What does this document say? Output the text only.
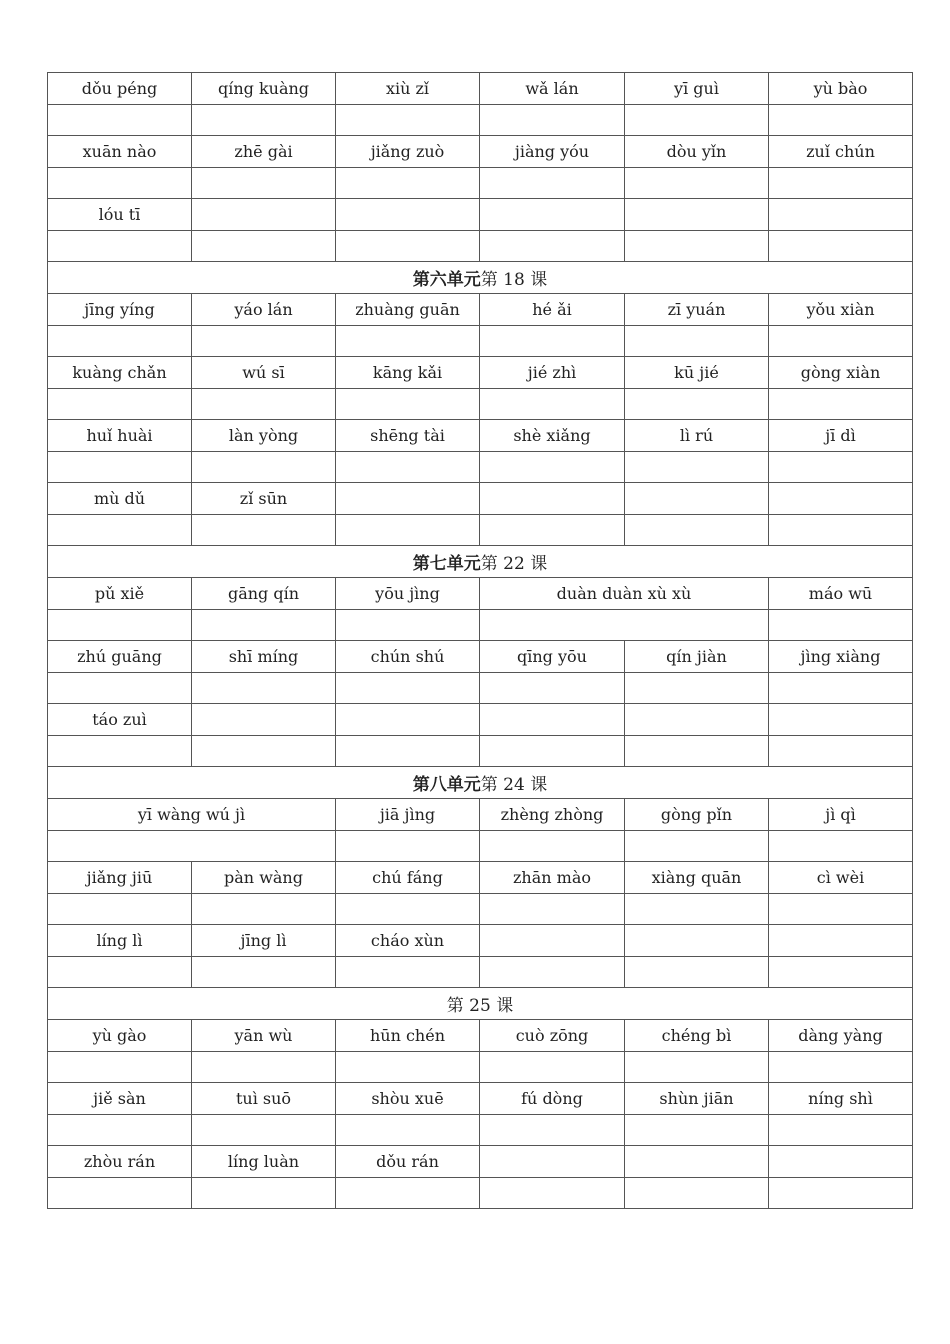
dǒu péng	qíng kuàng	xiù zǐ	wǎ lán	yī guì	yù bào

xuān nào	zhē gài	jiǎng zuò	jiàng yóu	dòu yǐn	zuǐ chún

lóu tī					

第六单元第 18 课					
jīng yíng	yáo lán	zhuàng guān	hé ǎi	zī yuán	yǒu xiàn

kuàng chǎn	wú sī	kāng kǎi	jié zhì	kū jié	gòng xiàn

huǐ huài	làn yòng	shēng tài	shè xiǎng	lì rú	jī dì

mù dǔ	zǐ sūn				

第七单元第 22 课					
pǔ xiě	gāng qín	yōu jìng	duàn duàn xù xù		máo wū

zhú guāng	shī míng	chún shú	qīng yōu	qín jiàn	jìng xiàng

táo zuì					

第八单元第 24 课					
yī wàng wú jì		jiā jìng	zhèng zhòng	gòng pǐn	jì qì

jiǎng jiū	pàn wàng	chú fáng	zhān mào	xiàng quān	cì wèi

líng lì	jīng lì	cháo xùn			

第 25 课					
yù gào	yān wù	hūn chén	cuò zōng	chéng bì	dàng yàng

jiě sàn	tuì suō	shòu xuē	fú dòng	shùn jiān	níng shì

zhòu rán	líng luàn	dǒu rán			
